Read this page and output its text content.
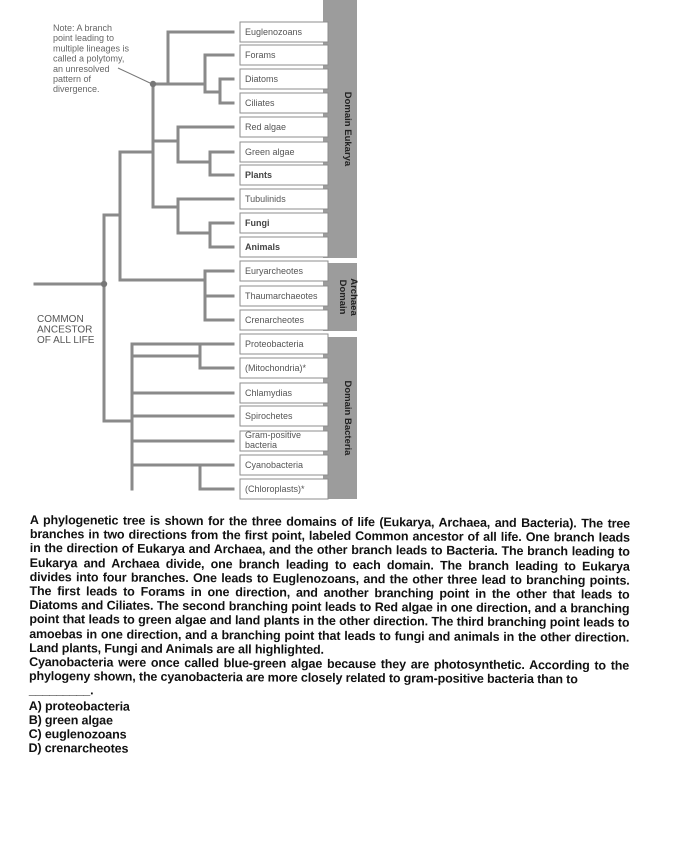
Euglenozoans
Forams
Diatoms
Ciliates
Red algae
Green algae
Plants
Tubulinids
Fungi
Animals
Euryarcheotes
Thaumarchaeotes
Crenarcheotes
Proteobacteria
(Mitochondria)*
Chlamydias
Spirochetes
Gram-positive
bacteria
Cyanobacteria
(Chloroplasts)*
Domain Eukarya
Domain Archaea
Domain Bacteria
Note: A branch
point leading to
multiple lineages is
called a polytomy,
an unresolved
pattern of
divergence.
COMMON
ANCESTOR
OF ALL LIFE

A phylogenetic tree is shown for the three domains of life (Eukarya, Archaea, and Bacteria). The tree branches in two directions from the first point, labeled Common ancestor of all life. One branch leads in the direction of Eukarya and Archaea, and the other branch leads to Bacteria. The branch leading to Eukarya and Archaea divide, one branch leading to each domain. The branch leading to Eukarya divides into four branches. One leads to Euglenozoans, and the other three lead to branching points. The first leads to Forams in one direction, and another branching point in the other that leads to Diatoms and Ciliates. The second branching point leads to Red algae in one direction, and a branching point that leads to green algae and land plants in the other direction. The third branching point leads to amoebas in one direction, and a branching point that leads to fungi and animals in the other direction. Land plants, Fungi and Animals are all highlighted.

Cyanobacteria were once called blue-green algae because they are photosynthetic. According to the phylogeny shown, the cyanobacteria are more closely related to gram-positive bacteria than to
_________.

A) proteobacteria
B) green algae
C) euglenozoans
D) crenarcheotes
